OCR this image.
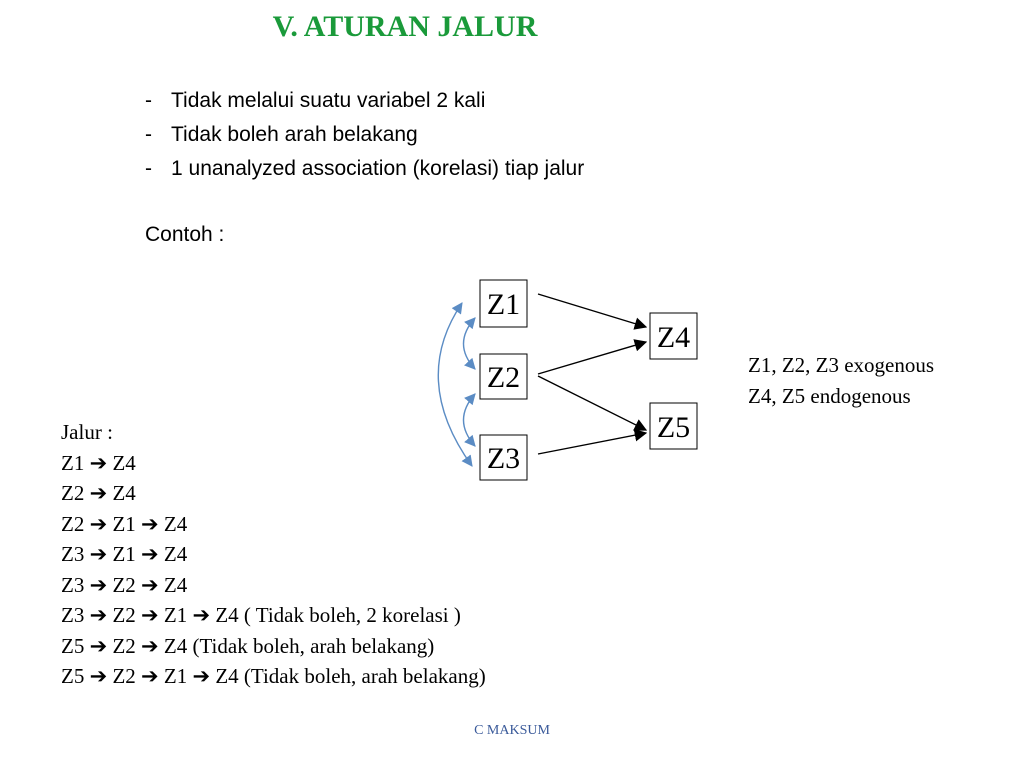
V. ATURAN JALUR
- Tidak melalui suatu variabel 2 kali
- Tidak boleh arah belakang
- 1 unanalyzed association (korelasi) tiap jalur
Contoh :
Z1
Z2
Z3
Z4
Z5
Z1, Z2, Z3 exogenous
Z4, Z5 endogenous
Jalur :
Z1 ➔ Z4
Z2 ➔ Z4
Z2 ➔ Z1 ➔ Z4
Z3 ➔ Z1 ➔ Z4
Z3 ➔ Z2 ➔ Z4
Z3 ➔ Z2 ➔ Z1 ➔ Z4 ( Tidak boleh, 2 korelasi )
Z5 ➔ Z2 ➔ Z4 (Tidak boleh, arah belakang)
Z5 ➔ Z2 ➔ Z1 ➔ Z4 (Tidak boleh, arah belakang)
C MAKSUM
